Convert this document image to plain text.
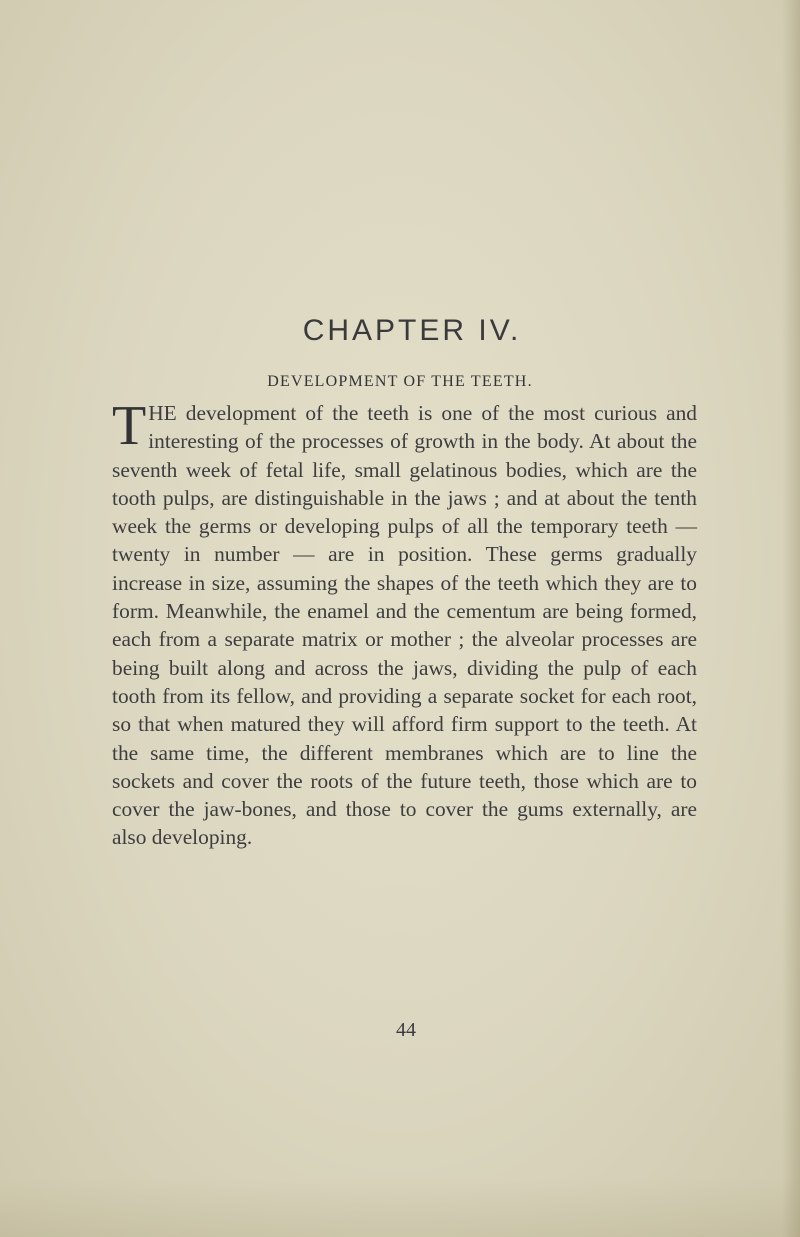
CHAPTER IV.
DEVELOPMENT OF THE TEETH.

THE development of the teeth is one of the most curious and interesting of the processes of growth in the body. At about the seventh week of fetal life, small gelatinous bodies, which are the tooth pulps, are distinguishable in the jaws ; and at about the tenth week the germs or developing pulps of all the temporary teeth — twenty in number — are in position. These germs gradually increase in size, assuming the shapes of the teeth which they are to form. Meanwhile, the enamel and the cementum are being formed, each from a separate matrix or mother ; the alveolar processes are being built along and across the jaws, dividing the pulp of each tooth from its fellow, and providing a separate socket for each root, so that when matured they will afford firm support to the teeth. At the same time, the different membranes which are to line the sockets and cover the roots of the future teeth, those which are to cover the jaw-bones, and those to cover the gums externally, are also developing.

44
